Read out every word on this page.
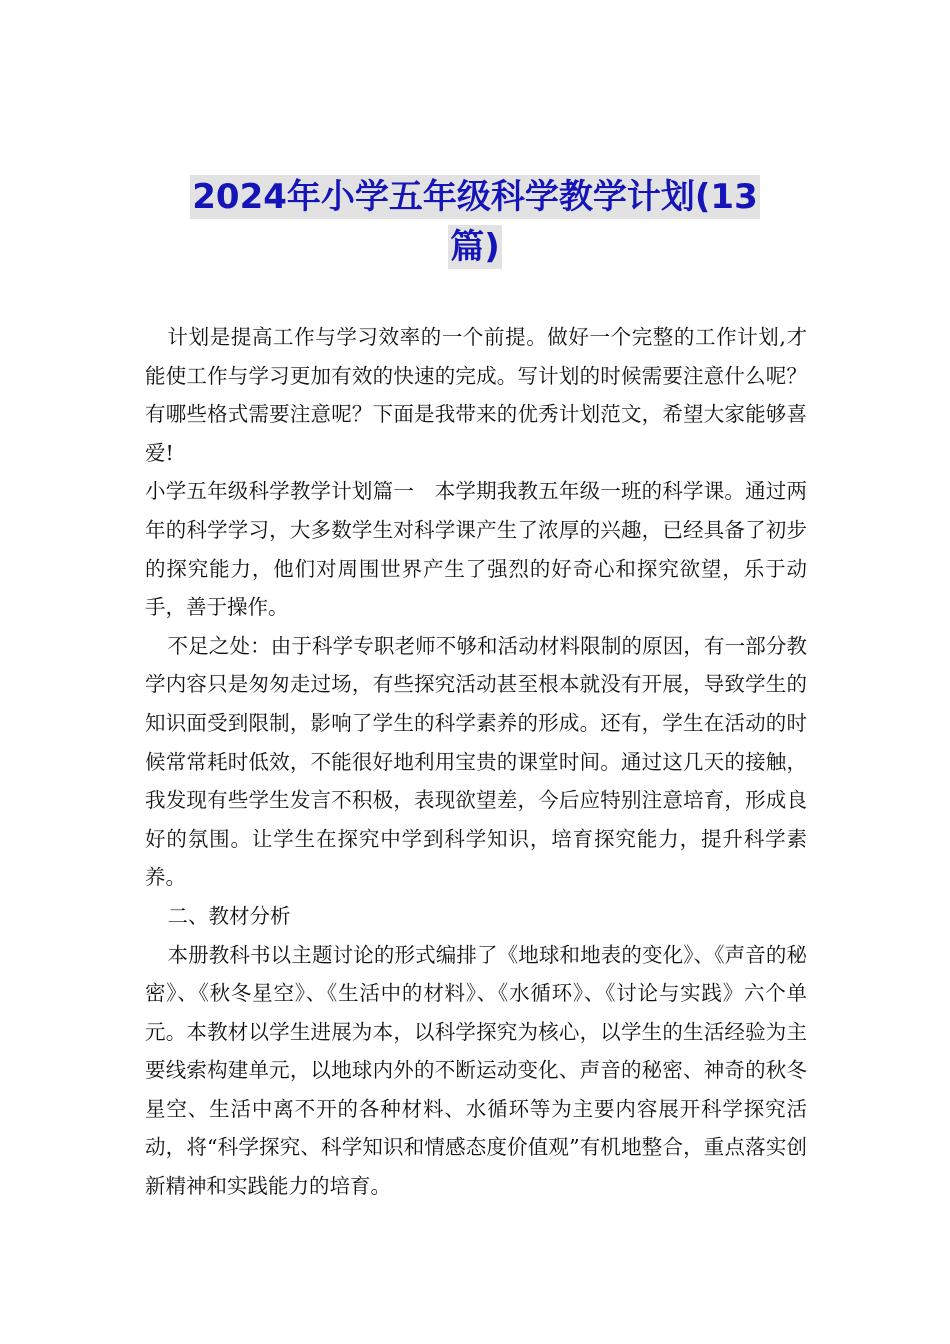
2024年小学五年级科学教学计划(13
篇)

计划是提高工作与学习效率的一个前提。做好一个完整的工作计划,才能使工作与学习更加有效的快速的完成。写计划的时候需要注意什么呢？有哪些格式需要注意呢？下面是我带来的优秀计划范文，希望大家能够喜爱!

小学五年级科学教学计划篇一　本学期我教五年级一班的科学课。通过两年的科学学习，大多数学生对科学课产生了浓厚的兴趣，已经具备了初步的探究能力，他们对周围世界产生了强烈的好奇心和探究欲望，乐于动手，善于操作。

不足之处：由于科学专职老师不够和活动材料限制的原因，有一部分教学内容只是匆匆走过场，有些探究活动甚至根本就没有开展，导致学生的知识面受到限制，影响了学生的科学素养的形成。还有，学生在活动的时候常常耗时低效，不能很好地利用宝贵的课堂时间。通过这几天的接触，我发现有些学生发言不积极，表现欲望差，今后应特别注意培育，形成良好的氛围。让学生在探究中学到科学知识，培育探究能力，提升科学素养。

二、教材分析

本册教科书以主题讨论的形式编排了《地球和地表的变化》、《声音的秘密》、《秋冬星空》、《生活中的材料》、《水循环》、《讨论与实践》六个单元。本教材以学生进展为本，以科学探究为核心，以学生的生活经验为主要线索构建单元，以地球内外的不断运动变化、声音的秘密、神奇的秋冬星空、生活中离不开的各种材料、水循环等为主要内容展开科学探究活动，将“科学探究、科学知识和情感态度价值观”有机地整合，重点落实创新精神和实践能力的培育。
